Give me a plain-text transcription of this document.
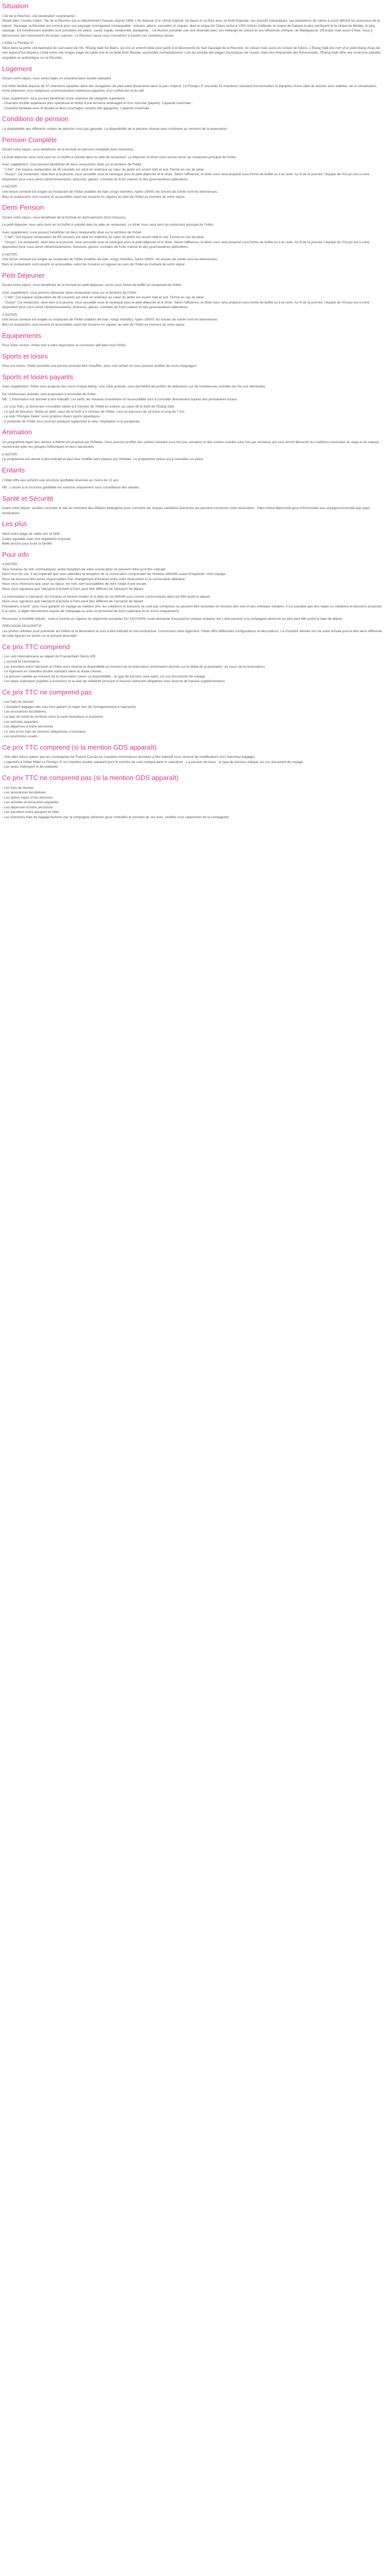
Situation

L'île de la Réunion, une destination surprenante !
Située dans l'océan Indien, l'île de la Réunion est un département français depuis 1946. L'île dispose d'un climat tropical. Sa faune et sa flore avec sa forêt tropicale, ses massifs volcaniques, ses plantations de canne à sucre attirent les amoureux de la nature. Sauvage, la Réunion est connue pour son paysage montagneux remarquable : volcans, pitons, cascades et cirques, dont le cirque de Cilaos niché à 1200 mètres d'altitude, le cirque de Salazie le plus verdoyant et le cirque de Mafate, le plus sauvage. De nombreuses activités sont possibles sur place : canal, kayak, randonnée, parapente... La réunion possède une rare diversité avec son mélange de culture et ses influences (Afrique, de Madagascar, d'Europe mais aussi d'Asie. Vous y découvrirez des monuments de toutes cultures. La Réunion saura vous convaincre à travers ses nombreux atouts.

L'hôtel Le Floralys 3*
Situé dans la petite cité balnéaire du sud-ouest de l'île, l'Étang-Salé les Bains, qui est un endroit idéal pour partir à la découverte du Sud Sauvage de la Réunion, du volcan mais aussi du Cirque de Cilaos. L'Étang Salé (du nom d'un petit étang d'eau de mer aujourd'hui disparu) c'était entre une longue plage de sable noir et sa belle forêt littorale, accessible immédiatement. Loin du tumulte des plages touristiques de l'ouest, mais très fréquentée des Réunionnais, l'Étang-Salé offre une ouverture paisible, singulière et authentique sur la Réunion.

Logement

Durant votre séjour, vous serez logés en chambre base double standard.

Cet hôtel familial dispose de 47 chambres réparties dans des bungalows de plain-pied disséminés dans le parc tropical. Le Floralys 3* possède 15 chambres standard fonctionnelles et équipées d'une salle de douche avec toilettes, de la climatisation, d'une télévision, d'un téléphone (communication extérieure payante), d'un coffret-fort et du wifi.

Avec supplément, vous pouvez bénéficier d'une chambre de catégorie supérieure :
- Chambre double supérieure plus spacieuse et dotée d'une terrasse aménagée et d'un mini-bar (payant). Capacité maximale :
- Chambre familiale avec lit double et deux couchages simples (lits gigognes). Capacité maximale :

Conditions de pension

La disponibilité des différents modes de pension n'est pas garantie. La disponibilité de la pension choisie sera confirmée au moment de la réservation.

Pension Complète

Durant votre séjour, vous bénéficiez de la formule en pension complète (hors boissons).

Le petit-déjeuner vous sera servi en un buffet à volonté dans la salle de restaurant. Le déjeuner et dîner vous seront servis au restaurant principal de l'hôtel.

Avec supplément, vous pouvez bénéficier de deux restaurants situé sur le territoire de l'hôtel :
- "L'Ilet": Cet espace restauration de 65 couverts est situé en extérieur au cœur du jardin est ouvert midi et soir. Fermé en cas de pluie.
- "Ossyo": Ce restaurant, situé face à la piscine, vous accueille sous la varangue pour le petit-déjeuner et le dîner. Selon l'affluence, le dîner vous sera proposé sous forme de buffet ou à la carte. Au fil de la journée, l'équipe de l'Ossyo est à votre disposition pour vous servir rafraîchissements, boissons, glaces, cocktails de fruits maison et des gourmandises pâtissières.

A NOTER :
Une tenue correcte est exigée au restaurant de l'hôtel (maillots de bain, tongs interdits). Après 18h00, les tenues de soirée sont les bienvenues.
Bars et restaurants sont ouverts et accessibles selon les horaires en vigueur au sein de l'hôtel au moment de votre séjour.

Demi Pension

Durant votre séjour, vous bénéficiez de la formule en demi-pension (hors boisson).

Le petit-déjeuner vous sera servi en un buffet à volonté dans la salle de restaurant. Le dîner vous sera servi au restaurant principal de l'hôtel.

Avec supplément, vous pouvez bénéficier de deux restaurants situé sur le territoire de l'hôtel :
- "L'Ilet": Cet espace restauration de 65 couverts est situé en extérieur au cœur du jardin est ouvert midi et soir. Fermé en cas de pluie.
- "Ossyo": Ce restaurant, situé face à la piscine, vous accueille sous la varangue pour le petit-déjeuner et le dîner. Selon l'affluence, le dîner vous sera proposé sous forme de buffet ou à la carte. Au fil de la journée, l'équipe de l'Ossyo est à votre disposition pour vous servir rafraîchissements, boissons, glaces, cocktails de fruits maison et des gourmandises pâtissières.

A NOTER :
Une tenue correcte est exigée au restaurant de l'hôtel (maillots de bain, tongs interdits). Après 18h00, les tenues de soirée sont les bienvenues.
Bars et restaurants sont ouverts et accessibles selon les horaires en vigueur au sein de l'hôtel au moment de votre séjour.

Petit Déjeuner

Durant votre séjour, vous bénéficiez de la formule en petit-déjeuner, servis sous forme de buffet au restaurant de l'hôtel.

Avec supplément, vous pourrez découvrir deux restaurants situé sur le territoire de l'hôtel :
- "L'Ilet": Cet espace restauration de 65 couverts est situé en extérieur au cœur du jardin est ouvert midi et soir. Fermé en cas de pluie.
- "Ossyo": Ce restaurant, situé face à la piscine, vous accueille sous la varangue pour le petit-déjeuner et le dîner. Selon l'affluence, le dîner vous sera proposé sous forme de buffet ou à la carte. Au fil de la journée, l'équipe de l'Ossyo est à votre disposition pour vous servir rafraîchissements, boissons, glaces, cocktails de fruits maison et des gourmandises pâtissières.

A NOTER :
Une tenue correcte est exigée au restaurant de l'hôtel (maillots de bain, tongs interdits). Après 18h00, les tenues de soirée sont les bienvenues.
Bars et restaurants sont ouverts et accessibles selon les horaires en vigueur au sein de l'hôtel au moment de votre séjour.

Equipements

Pour votre confort, l'hôtel met à votre disposition la connexion wifi dans tout l'hôtel.

Sports et loisirs

Pour vos loisirs, l'hôtel possède une piscine pouvant être chauffée, avec coin enfant où vous pourrez profiter de cours d'aquagym.

Sports et loisirs payants

Avec supplément, l'hôtel vous propose des cours d'aqua biking. Une carte gratuite, vous permettra de profiter de réductions sur de nombreuses activités de l'île (sur demande).

De nombreuses activités sont proposées à proximité de l'hôtel :
NB : L'information est donnée à titre indicatif. Les tarifs, les horaires d'ouverture et l'accessibilité sont à consulter directement auprès des prestataires locaux.

- Le Croc Parc, la ferme aux crocodiles située à 5 minutes de l'hôtel en voiture, au cœur de la forêt de l'Étang Salé.
- Le golf de Bourbon. Niché en plein cœur de la forêt à 5 minutes de l'hôtel, c'est un parcours de 18 trous et long de 7 km.
- Le club "Plongée Salée" vous propose divers sports aquatiques.
- A proximité de l'hôtel vous pourrez pratiquer également le vélo, l'équitation et le parapente.

Animation

Un programme léger des soirées à thème est proposé par l'hôtelier. Vous pourrez profiter des soirées karaoké (une fois par semaine) et des soirées créoles (une fois par semaine) qui vous feront découvrir les traditions musicales du séga et du maloya réunionnais avec les groupes folkloriques et leurs danseuses.

A NOTER :
Le programme est donné à titre indicatif et peut être modifié sans préavis par l'hôtelier. Le programme précis est à consulter sur place.

Enfants

L'hôtel offre aux enfants une structure gonflable réservée au moins de 12 ans.

NB : L'accès à la structure gonflable est autorisé uniquement sous surveillance des adultes.

Santé et Sécurité

Avant votre départ, veuillez consulter le site du ministère des Affaires étrangères pour connaître les risques sanitaires éventuels qui peuvent concerner votre destination : https://www.diplomatie.gouv.fr/fr/conseils-aux-voyageurs/conseils-par-pays-destination/

Les plus

Situé entre plage de sable noir et forêt
Cadre agréable avec une végétation tropicale
Belle piscine pour toute la famille

Pour info

A NOTER :
Tous horaires de vols communiqués avant réception de votre convocation ne peuvent l'être qu'à titre indicatif.
Dans tous les cas, il est impératif que vous attendiez la réception de la convocation comprenant les horaires définitifs avant d'organiser votre voyage.
Nous ne pourrons être tenus responsables d'un changement d'horaires entre votre réservation et la convocation définitive.
Nous vous informons que, pour ce séjour, les vols sont susceptibles de faire l'objet d'une escale.
Nous vous signalons que l'aéroport d'arrivée à Paris peut être différent de l'aéroport de départ.

La convocation à l'aéroport, les horaires et heures locales et le plan de vol définitif vous seront communiqués dans les 48h avant le départ.
Nous vous signalons que l'aéroport d'arrivée à Paris peut être différent de l'aéroport de départ.
Prestations à bord : pour vous garantir un voyage au meilleur prix, les collations et boissons ne sont pas comprises ou peuvent être facturées en fonction des vols et des créneaux horaires. Il est possible que des repas ou collations et boissons proposés à la carte, à régler directement auprès de l'équipage ou avec le personnel de bord (spéciaux et en euros uniquement).

Personnes à mobilité réduite : suite à l'entrée en vigueur du règlement européen EU 1107/2006, toute demande d'assistance (chaise roulante, etc.) doit parvenir à la compagnie aérienne au plus tard 48h avant la date de départ.

PRÉCISION DESCRIPTIF
Les photos utilisées pour présenter les hôtels et la destination le sont à titre indicatif et non-contractuel. Concernant votre logement, l'hôtel offre différentes configurations et décorations. La chambre allouée lors de votre arrivée pourra être ainsi différente de celle figurant en photo sur le présent descriptif.

Ce prix TTC comprend

- Les vols internationaux au départ de France/Saint Denis A/R,
- L'accueil et l'assistance,
- Les transferts entre l'aéroport et l'hôtel vous réserve la disponibilité au moment de la réservation (information donnée sur le détail de la prestation, au cours de la réservation),
- Le logement en chambre double standard selon la durée choisie,
- La pension validée au moment de la réservation (selon sa disponibilité) - le type de pension sera repris sur vos documents de voyage,
- Les taxes d'aéroport (sujettes à évolution) et la taxe de solidarité (incluant la hausse carburant obligatoire sous réserve de hausse supplémentaire)

Ce prix TTC ne comprend pas

- Les frais de dossier
- L'excédent bagages des vols hors gabarit (à régler lors de l'enregistrement à l'aéroport),
- Les assurances facultatives,
- La taxe de sortie du territoire et/ou la carte touristique si existante,
- Les activités payantes,
- Les dépenses d'ordre personnel,
- Le visa et les frais de services obligatoires si existants,
- Les pourboires usuels.

Ce prix TTC comprend (si la mention GDS apparaît)

- Vols aller retour opérés par les compagnies Air France,Corsair,Air Caraïbes Informations données à titre indicatif sous réserve de modification) hors franchise bagages
- Logement à l'hôtel Hôtel Le Floralys 3* en chambre double standard pour le nombre de nuits indiqué dans le calendrier - La pension de base - le type de pension indiqué sur vos document de voyage
- Les taxes d'aéroport et de solidarité

Ce prix TTC ne comprend pas (si la mention GDS apparaît)

- Les frais de dossier
- Les assurances facultatives
- Les autres repas et les boissons
- Les activités et excursions payantes
- Les dépenses d'ordre personnel
- Les transferts entre aéroport et hôtel
- Les éventuels frais de bagage facturés par la compagnie aérienne (pour connaître le montant de ces frais, veuillez vous rapprocher de la compagnie)
